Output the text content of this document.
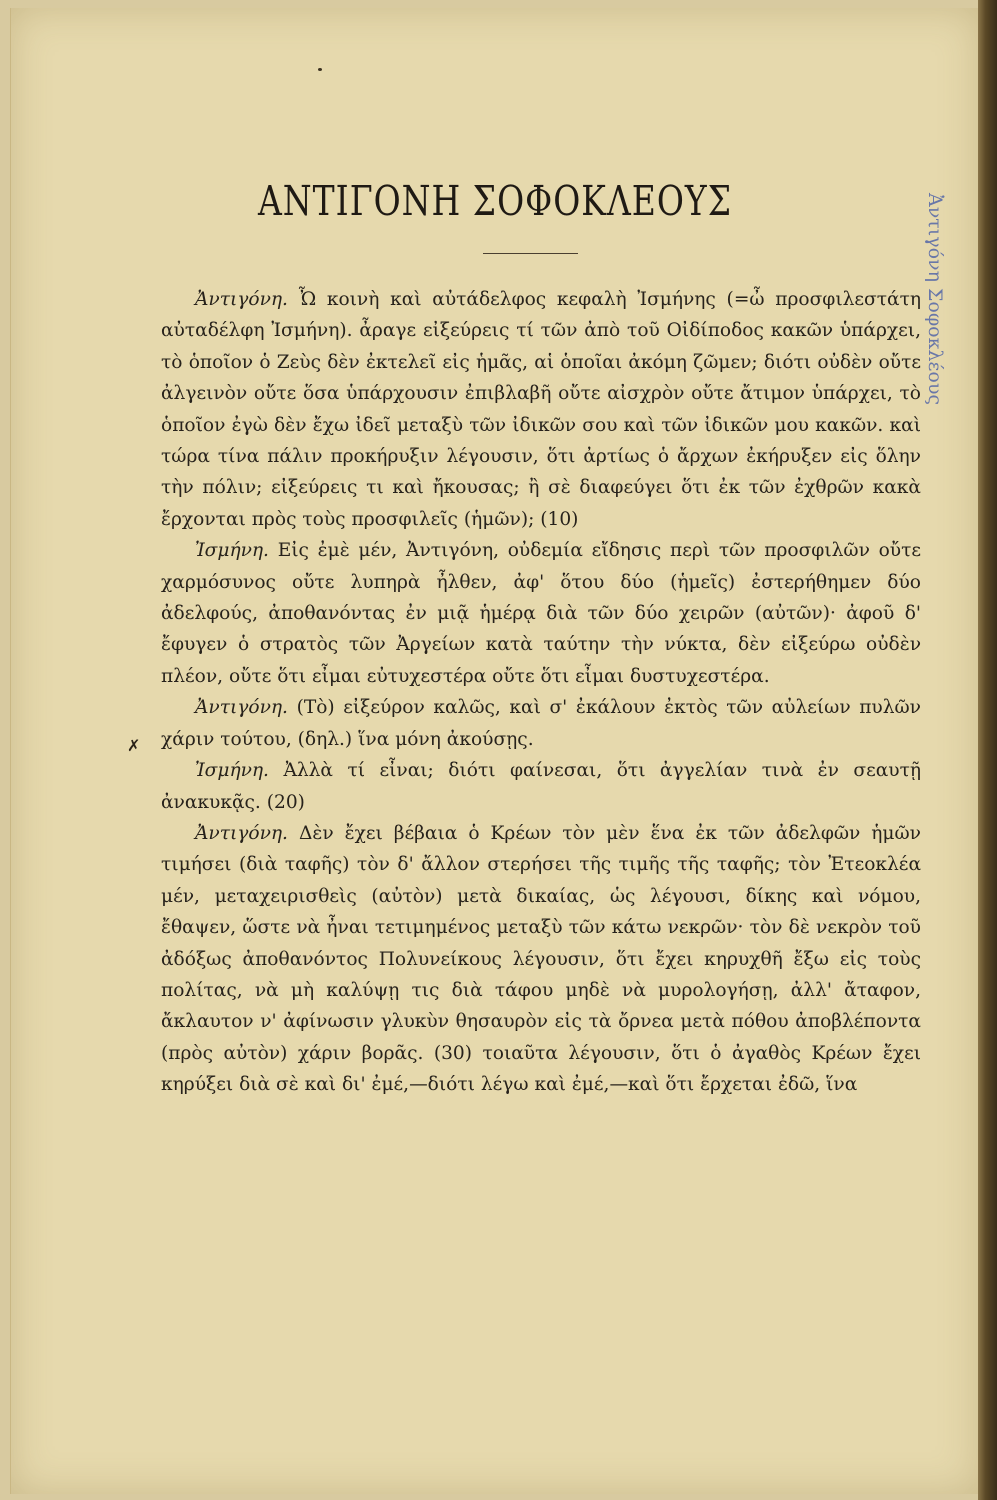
ΑΝΤΙΓΟΝΗ ΣΟΦΟΚΛΕΟΥΣ	Ἀντιγόνη Σοφοκλέους
✗

Ἀντιγόνη. Ὦ κοινὴ καὶ αὐτάδελφος κεφαλὴ Ἰσμήνης (=ὦ προσφιλεστάτη αὐταδέλφη Ἰσμήνη). ἆραγε εἰξεύρεις τί τῶν ἀπὸ τοῦ Οἰδίποδος κακῶν ὑπάρχει, τὸ ὁποῖον ὁ Ζεὺς δὲν ἐκτελεῖ εἰς ἡμᾶς, αἱ ὁποῖαι ἀκόμη ζῶμεν; διότι οὐδὲν οὔτε ἀλγεινὸν οὔτε ὅσα ὑπάρχουσιν ἐπιβλαβῆ οὔτε αἰσχρὸν οὔτε ἄτιμον ὑπάρχει, τὸ ὁποῖον ἐγὼ δὲν ἔχω ἰδεῖ μεταξὺ τῶν ἰδικῶν σου καὶ τῶν ἰδικῶν μου κακῶν. καὶ τώρα τίνα πάλιν προκήρυξιν λέγουσιν, ὅτι ἀρτίως ὁ ἄρχων ἐκήρυξεν εἰς ὅλην τὴν πόλιν; εἰξεύρεις τι καὶ ἤκουσας; ἢ σὲ διαφεύγει ὅτι ἐκ τῶν ἐχθρῶν κακὰ ἔρχονται πρὸς τοὺς προσφιλεῖς (ἡμῶν); (10)

Ἰσμήνη. Εἰς ἐμὲ μέν, Ἀντιγόνη, οὐδεμία εἴδησις περὶ τῶν προσφιλῶν οὔτε χαρμόσυνος οὔτε λυπηρὰ ἦλθεν, ἀφ' ὅτου δύο (ἡμεῖς) ἐστερήθημεν δύο ἀδελφούς, ἀποθανόντας ἐν μιᾷ ἡμέρᾳ διὰ τῶν δύο χειρῶν (αὐτῶν)· ἀφοῦ δ' ἔφυγεν ὁ στρατὸς τῶν Ἀργείων κατὰ ταύτην τὴν νύκτα, δὲν εἰξεύρω οὐδὲν πλέον, οὔτε ὅτι εἶμαι εὐτυχεστέρα οὔτε ὅτι εἶμαι δυστυχεστέρα.

Ἀντιγόνη. (Τὸ) εἰξεύρον καλῶς, καὶ σ' ἐκάλουν ἐκτὸς τῶν αὐλείων πυλῶν χάριν τούτου, (δηλ.) ἵνα μόνη ἀκούσῃς.

Ἰσμήνη. Ἀλλὰ τί εἶναι; διότι φαίνεσαι, ὅτι ἀγγελίαν τινὰ ἐν σεαυτῇ ἀνακυκᾷς. (20)

Ἀντιγόνη. Δὲν ἔχει βέβαια ὁ Κρέων τὸν μὲν ἕνα ἐκ τῶν ἀδελφῶν ἡμῶν τιμήσει (διὰ ταφῆς) τὸν δ' ἄλλον στερήσει τῆς τιμῆς τῆς ταφῆς; τὸν Ἐτεοκλέα μέν, μεταχειρισθεὶς (αὐτὸν) μετὰ δικαίας, ὡς λέγουσι, δίκης καὶ νόμου, ἔθαψεν, ὥστε νὰ ἦναι τετιμημένος μεταξὺ τῶν κάτω νεκρῶν· τὸν δὲ νεκρὸν τοῦ ἀδόξως ἀποθανόντος Πολυνείκους λέγουσιν, ὅτι ἔχει κηρυχθῆ ἔξω εἰς τοὺς πολίτας, νὰ μὴ καλύψῃ τις διὰ τάφου μηδὲ νὰ μυρολογήσῃ, ἀλλ' ἄταφον, ἄκλαυτον ν' ἀφίνωσιν γλυκὺν θησαυρὸν εἰς τὰ ὄρνεα μετὰ πόθου ἀποβλέποντα (πρὸς αὐτὸν) χάριν βορᾶς. (30) τοιαῦτα λέγουσιν, ὅτι ὁ ἀγαθὸς Κρέων ἔχει κηρύξει διὰ σὲ καὶ δι' ἐμέ,—διότι λέγω καὶ ἐμέ,—καὶ ὅτι ἔρχεται ἐδῶ, ἵνα
